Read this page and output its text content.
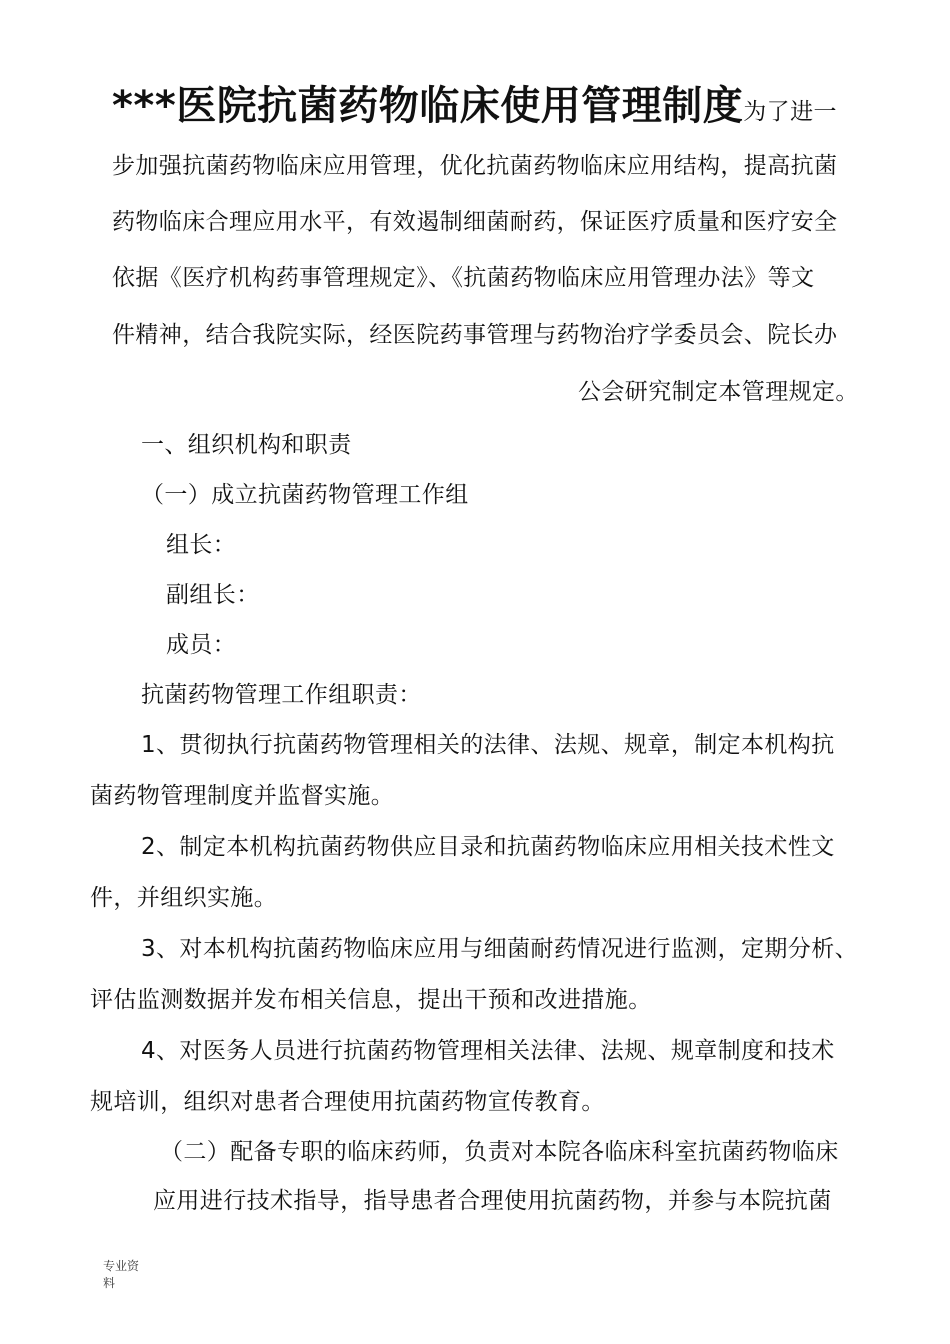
***医院抗菌药物临床使用管理制度为了进一
步加强抗菌药物临床应用管理，优化抗菌药物临床应用结构，提高抗菌
药物临床合理应用水平，有效遏制细菌耐药，保证医疗质量和医疗安全
依据《医疗机构药事管理规定》、《抗菌药物临床应用管理办法》等文
件精神，结合我院实际，经医院药事管理与药物治疗学委员会、院长办
公会研究制定本管理规定。
一、组织机构和职责
（一）成立抗菌药物管理工作组
组长：
副组长：
成员：
抗菌药物管理工作组职责：
1、贯彻执行抗菌药物管理相关的法律、法规、规章，制定本机构抗
菌药物管理制度并监督实施。
2、制定本机构抗菌药物供应目录和抗菌药物临床应用相关技术性文
件，并组织实施。
3、对本机构抗菌药物临床应用与细菌耐药情况进行监测，定期分析、
评估监测数据并发布相关信息，提出干预和改进措施。
4、对医务人员进行抗菌药物管理相关法律、法规、规章制度和技术
规培训，组织对患者合理使用抗菌药物宣传教育。
（二）配备专职的临床药师，负责对本院各临床科室抗菌药物临床
应用进行技术指导，指导患者合理使用抗菌药物，并参与本院抗菌
专业资料
